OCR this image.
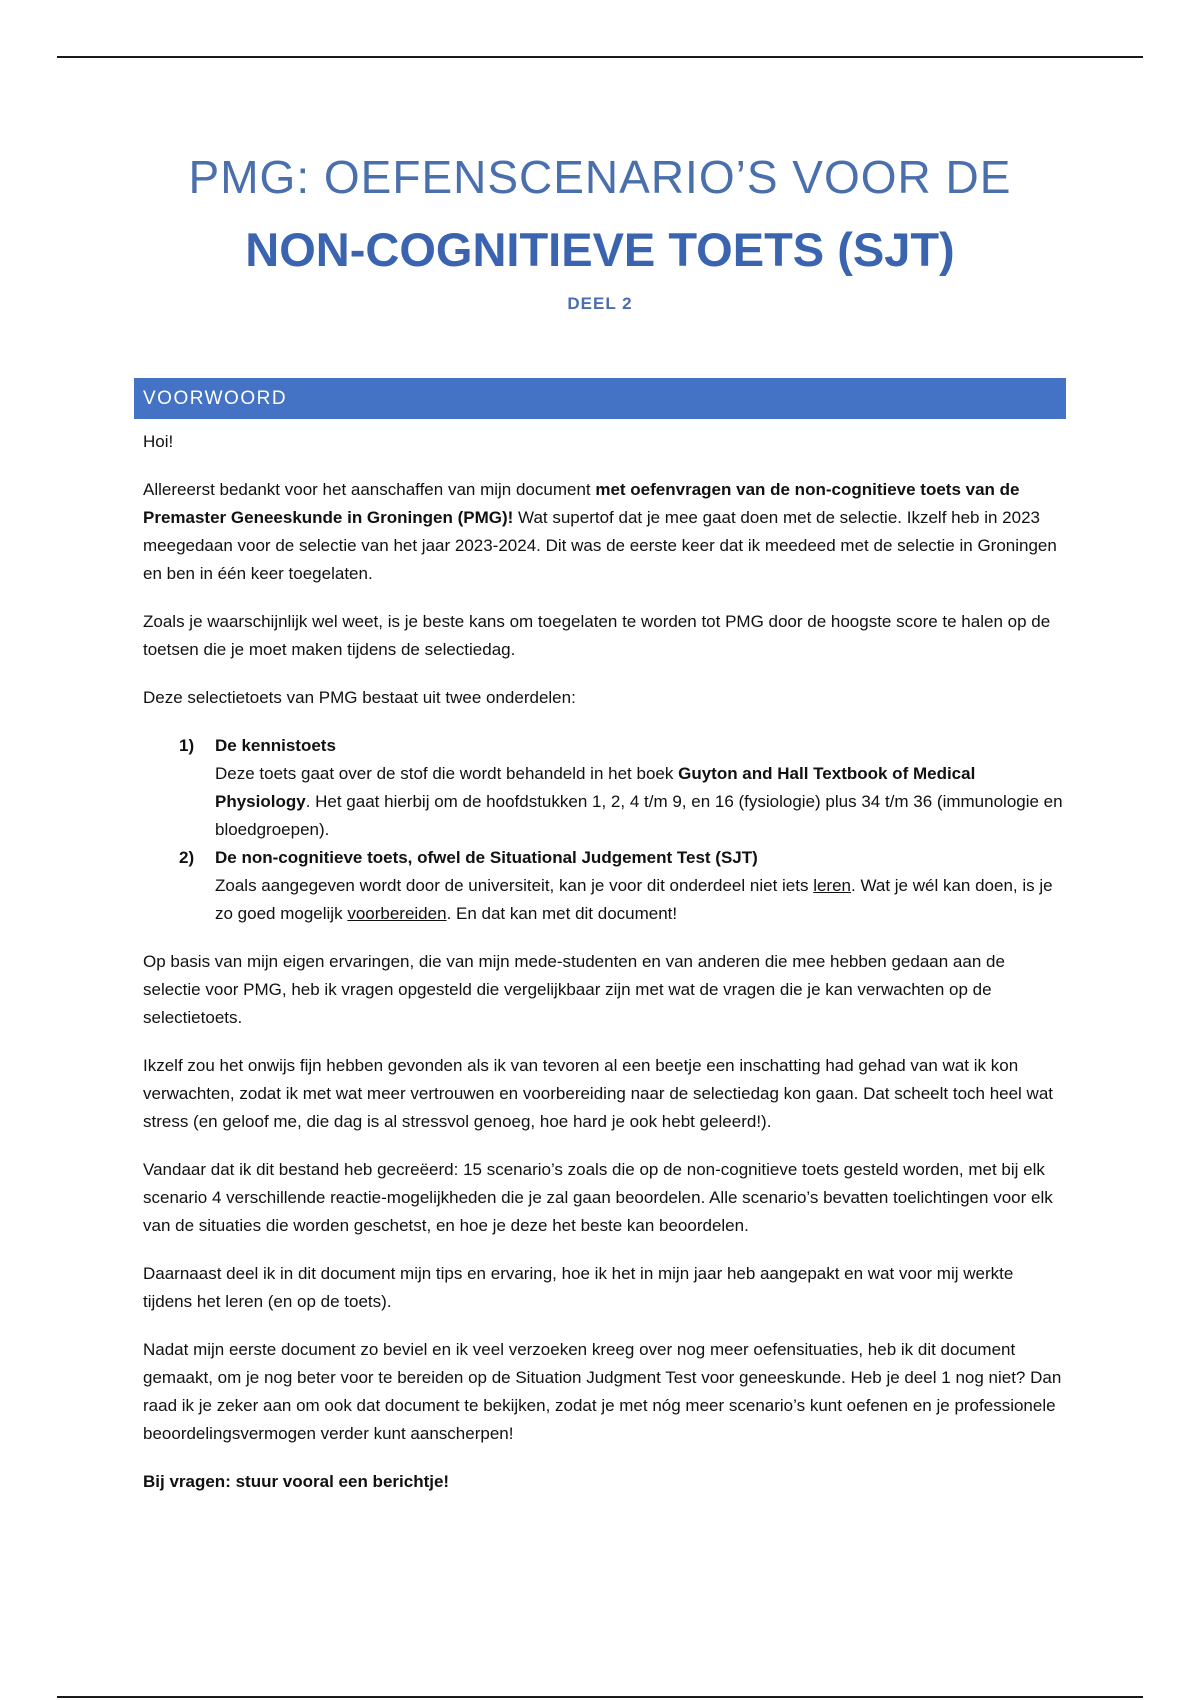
PMG: OEFENSCENARIO’S VOOR DE
NON-COGNITIEVE TOETS (SJT)
DEEL 2
VOORWOORD

Hoi!

Allereerst bedankt voor het aanschaffen van mijn document met oefenvragen van de non-cognitieve toets van de Premaster Geneeskunde in Groningen (PMG)! Wat supertof dat je mee gaat doen met de selectie. Ikzelf heb in 2023 meegedaan voor de selectie van het jaar 2023-2024. Dit was de eerste keer dat ik meedeed met de selectie in Groningen en ben in één keer toegelaten.

Zoals je waarschijnlijk wel weet, is je beste kans om toegelaten te worden tot PMG door de hoogste score te halen op de toetsen die je moet maken tijdens de selectiedag.

Deze selectietoets van PMG bestaat uit twee onderdelen:

1) De kennistoets
Deze toets gaat over de stof die wordt behandeld in het boek Guyton and Hall Textbook of Medical Physiology. Het gaat hierbij om de hoofdstukken 1, 2, 4 t/m 9, en 16 (fysiologie) plus 34 t/m 36 (immunologie en bloedgroepen).
2) De non-cognitieve toets, ofwel de Situational Judgement Test (SJT)
Zoals aangegeven wordt door de universiteit, kan je voor dit onderdeel niet iets leren. Wat je wél kan doen, is je zo goed mogelijk voorbereiden. En dat kan met dit document!

Op basis van mijn eigen ervaringen, die van mijn mede-studenten en van anderen die mee hebben gedaan aan de selectie voor PMG, heb ik vragen opgesteld die vergelijkbaar zijn met wat de vragen die je kan verwachten op de selectietoets.

Ikzelf zou het onwijs fijn hebben gevonden als ik van tevoren al een beetje een inschatting had gehad van wat ik kon verwachten, zodat ik met wat meer vertrouwen en voorbereiding naar de selectiedag kon gaan. Dat scheelt toch heel wat stress (en geloof me, die dag is al stressvol genoeg, hoe hard je ook hebt geleerd!).

Vandaar dat ik dit bestand heb gecreëerd: 15 scenario’s zoals die op de non-cognitieve toets gesteld worden, met bij elk scenario 4 verschillende reactie-mogelijkheden die je zal gaan beoordelen. Alle scenario’s bevatten toelichtingen voor elk van de situaties die worden geschetst, en hoe je deze het beste kan beoordelen.

Daarnaast deel ik in dit document mijn tips en ervaring, hoe ik het in mijn jaar heb aangepakt en wat voor mij werkte tijdens het leren (en op de toets).

Nadat mijn eerste document zo beviel en ik veel verzoeken kreeg over nog meer oefensituaties, heb ik dit document gemaakt, om je nog beter voor te bereiden op de Situation Judgment Test voor geneeskunde. Heb je deel 1 nog niet? Dan raad ik je zeker aan om ook dat document te bekijken, zodat je met nóg meer scenario’s kunt oefenen en je professionele beoordelingsvermogen verder kunt aanscherpen!

Bij vragen: stuur vooral een berichtje!
